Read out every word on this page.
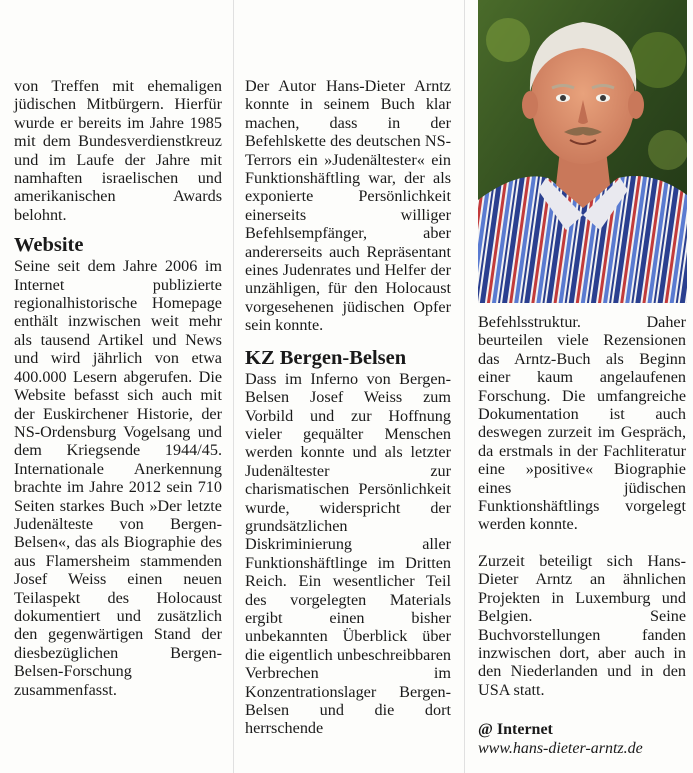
von Treffen mit ehemaligen jüdischen Mitbürgern. Hierfür wurde er bereits im Jahre 1985 mit dem Bundesverdienstkreuz und im Laufe der Jahre mit namhaften israelischen und amerikanischen Awards belohnt.

Website

Seine seit dem Jahre 2006 im Internet publizierte regionalhistorische Homepage enthält inzwischen weit mehr als tausend Artikel und News und wird jährlich von etwa 400.000 Lesern abgerufen. Die Website befasst sich auch mit der Euskirchener Historie, der NS-Ordensburg Vogelsang und dem Kriegsende 1944/45. Internationale Anerkennung brachte im Jahre 2012 sein 710 Seiten starkes Buch »Der letzte Judenälteste von Bergen-Belsen«, das als Biographie des aus Flamersheim stammenden Josef Weiss einen neuen Teilaspekt des Holocaust dokumentiert und zusätzlich den gegenwärtigen Stand der diesbezüglichen Bergen-Belsen-Forschung zusammenfasst.

Der Autor Hans-Dieter Arntz konnte in seinem Buch klar machen, dass in der Befehlskette des deutschen NS-Terrors ein »Judenältester« ein Funktionshäftling war, der als exponierte Persönlichkeit einerseits williger Befehlsempfänger, aber andererseits auch Repräsentant eines Judenrates und Helfer der unzähligen, für den Holocaust vorgesehenen jüdischen Opfer sein konnte.

KZ Bergen-Belsen

Dass im Inferno von Bergen-Belsen Josef Weiss zum Vorbild und zur Hoffnung vieler gequälter Menschen werden konnte und als letzter Judenältester zur charismatischen Persönlichkeit wurde, widerspricht der grundsätzlichen Diskriminierung aller Funktionshäftlinge im Dritten Reich. Ein wesentlicher Teil des vorgelegten Materials ergibt einen bisher unbekannten Überblick über die eigentlich unbeschreibbaren Verbrechen im Konzentrationslager Bergen-Belsen und die dort herrschende

Befehlsstruktur. Daher beurteilen viele Rezensionen das Arntz-Buch als Beginn einer kaum angelaufenen Forschung. Die umfangreiche Dokumentation ist auch deswegen zurzeit im Gespräch, da erstmals in der Fachliteratur eine »positive« Biographie eines jüdischen Funktionshäftlings vorgelegt werden konnte.

Zurzeit beteiligt sich Hans-Dieter Arntz an ähnlichen Projekten in Luxemburg und Belgien. Seine Buchvorstellungen fanden inzwischen dort, aber auch in den Niederlanden und in den USA statt.

@ Internet
www.hans-dieter-arntz.de
